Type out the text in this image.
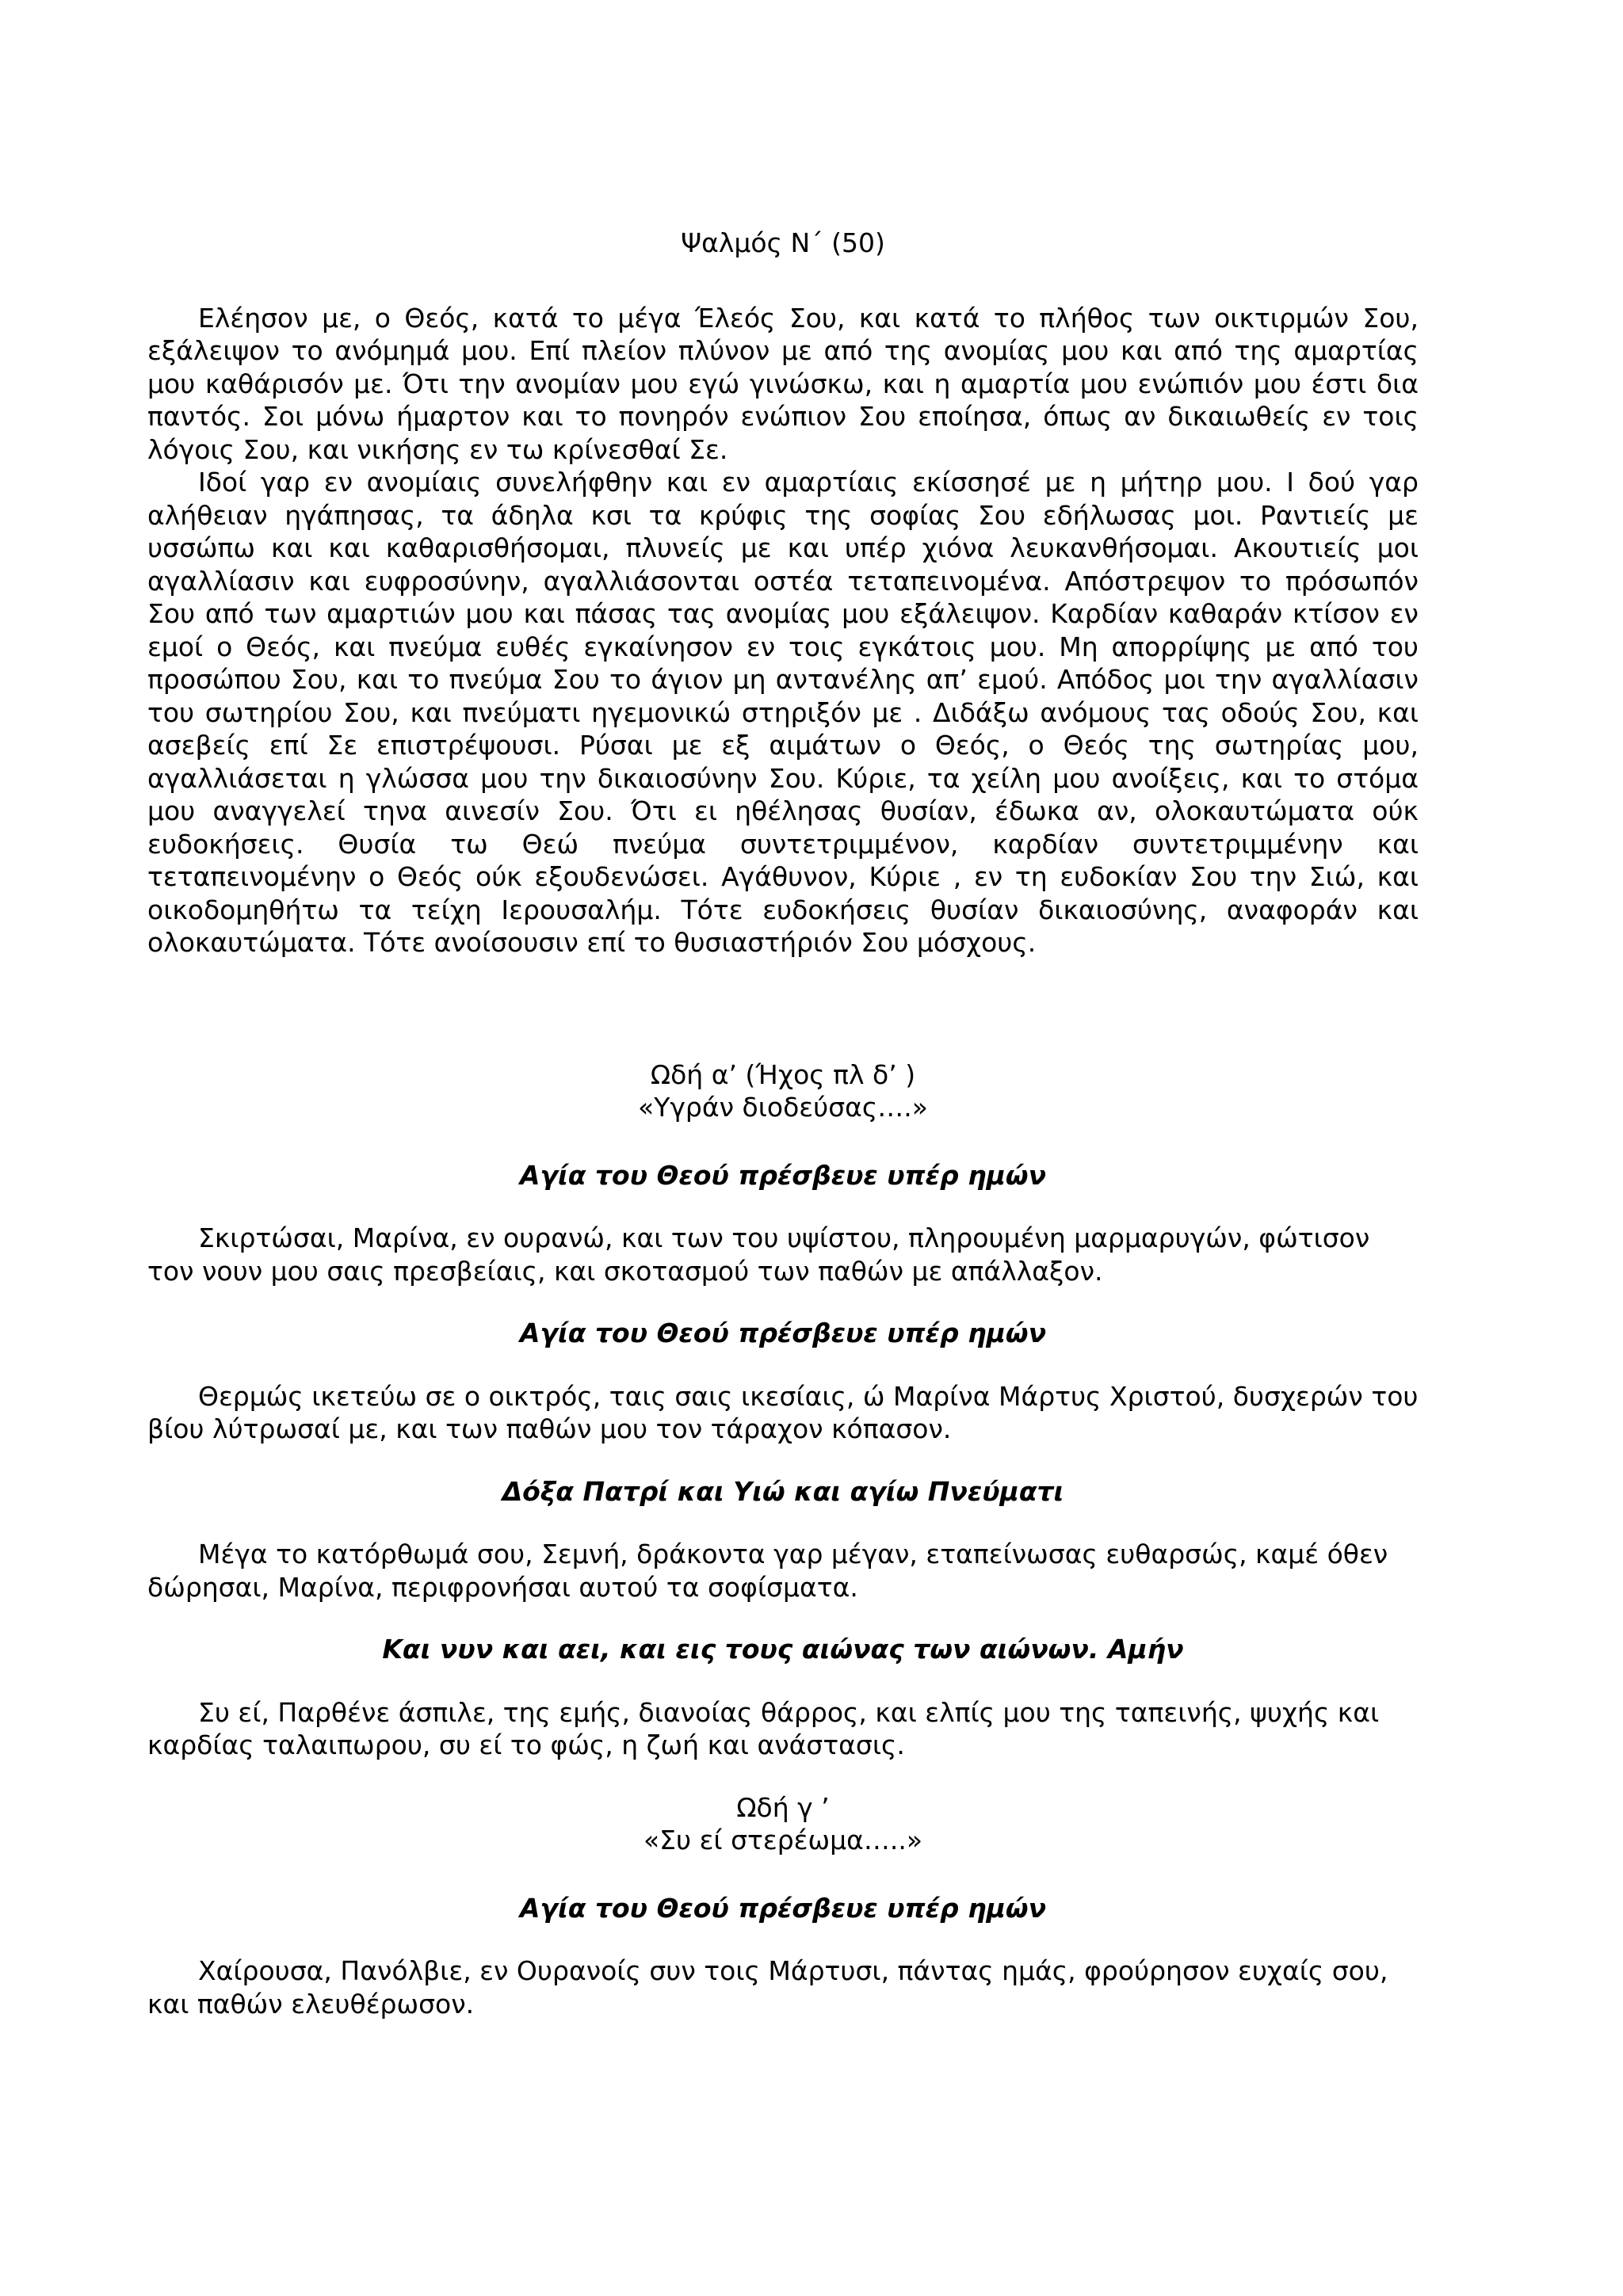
Ψαλμός Ν΄ (50)

Ελέησον με, ο Θεός, κατά το μέγα Έλεός Σου, και κατά το πλήθος των οικτιρμών Σου, εξάλειψον το ανόμημά μου. Επί πλείον πλύνον με από της ανομίας μου και από της αμαρτίας μου καθάρισόν με. Ότι την ανομίαν μου εγώ γινώσκω, και η αμαρτία μου ενώπιόν μου έστι δια παντός. Σοι μόνω ήμαρτον και το πονηρόν ενώπιον Σου εποίησα, όπως αν δικαιωθείς εν τοις λόγοις Σου, και νικήσης εν τω κρίνεσθαί Σε.

Ιδοί γαρ εν ανομίαις συνελήφθην και εν αμαρτίαις εκίσσησέ με η μήτηρ μου. Ι δού γαρ αλήθειαν ηγάπησας, τα άδηλα κσι τα κρύφις της σοφίας Σου εδήλωσας μοι. Ραντιείς με υσσώπω και και καθαρισθήσομαι, πλυνείς με και υπέρ χιόνα λευκανθήσομαι. Ακουτιείς μοι αγαλλίασιν και ευφροσύνην, αγαλλιάσονται οστέα τεταπεινομένα. Απόστρεψον το πρόσωπόν Σου από των αμαρτιών μου και πάσας τας ανομίας μου εξάλειψον. Καρδίαν καθαράν κτίσον εν εμοί ο Θεός, και πνεύμα ευθές εγκαίνησον εν τοις εγκάτοις μου. Μη απορρίψης με από του προσώπου Σου, και το πνεύμα Σου το άγιον μη αντανέλης απ’ εμού. Απόδος μοι την αγαλλίασιν του σωτηρίου Σου, και πνεύματι ηγεμονικώ στηριξόν με . Διδάξω ανόμους τας οδούς Σου, και ασεβείς επί Σε επιστρέψουσι. Ρύσαι με εξ αιμάτων ο Θεός, ο Θεός της σωτηρίας μου, αγαλλιάσεται η γλώσσα μου την δικαιοσύνην Σου. Κύριε, τα χείλη μου ανοίξεις, και το στόμα μου αναγγελεί τηνα αινεσίν Σου. Ότι ει ηθέλησας θυσίαν, έδωκα αν, ολοκαυτώματα ούκ ευδοκήσεις. Θυσία τω Θεώ πνεύμα συντετριμμένον, καρδίαν συντετριμμένην και τεταπεινομένην ο Θεός ούκ εξουδενώσει. Αγάθυνον, Κύριε , εν τη ευδοκίαν Σου την Σιώ, και οικοδομηθήτω τα τείχη Ιερουσαλήμ. Τότε ευδοκήσεις θυσίαν δικαιοσύνης, αναφοράν και ολοκαυτώματα. Τότε ανοίσουσιν επί το θυσιαστήριόν Σου μόσχους.

Ωδή α’ (Ήχος πλ δ’ )

«Υγράν διοδεύσας….»

Αγία του Θεού πρέσβευε υπέρ ημών

Σκιρτώσαι, Μαρίνα, εν ουρανώ, και των του υψίστου, πληρουμένη μαρμαρυγών, φώτισον τον νουν μου σαις πρεσβείαις, και σκοτασμού των παθών με απάλλαξον.

Αγία του Θεού πρέσβευε υπέρ ημών

Θερμώς ικετεύω σε ο οικτρός, ταις σαις ικεσίαις, ώ Μαρίνα Μάρτυς Χριστού, δυσχερών του βίου λύτρωσαί με, και των παθών μου τον τάραχον κόπασον.

Δόξα Πατρί και Υιώ και αγίω Πνεύματι

Μέγα το κατόρθωμά σου, Σεμνή, δράκοντα γαρ μέγαν, εταπείνωσας ευθαρσώς, καμέ όθεν δώρησαι, Μαρίνα, περιφρονήσαι αυτού τα σοφίσματα.

Και νυν και αει, και εις τους αιώνας των αιώνων. Αμήν

Συ εί, Παρθένε άσπιλε, της εμής, διανοίας θάρρος, και ελπίς μου της ταπεινής, ψυχής και καρδίας ταλαιπωρου, συ εί το φώς, η ζωή και ανάστασις.

Ωδή γ ’

«Συ εί στερέωμα…..»

Αγία του Θεού πρέσβευε υπέρ ημών

Χαίρουσα, Πανόλβιε, εν Ουρανοίς συν τοις Μάρτυσι, πάντας ημάς, φρούρησον ευχαίς σου, και παθών ελευθέρωσον.
